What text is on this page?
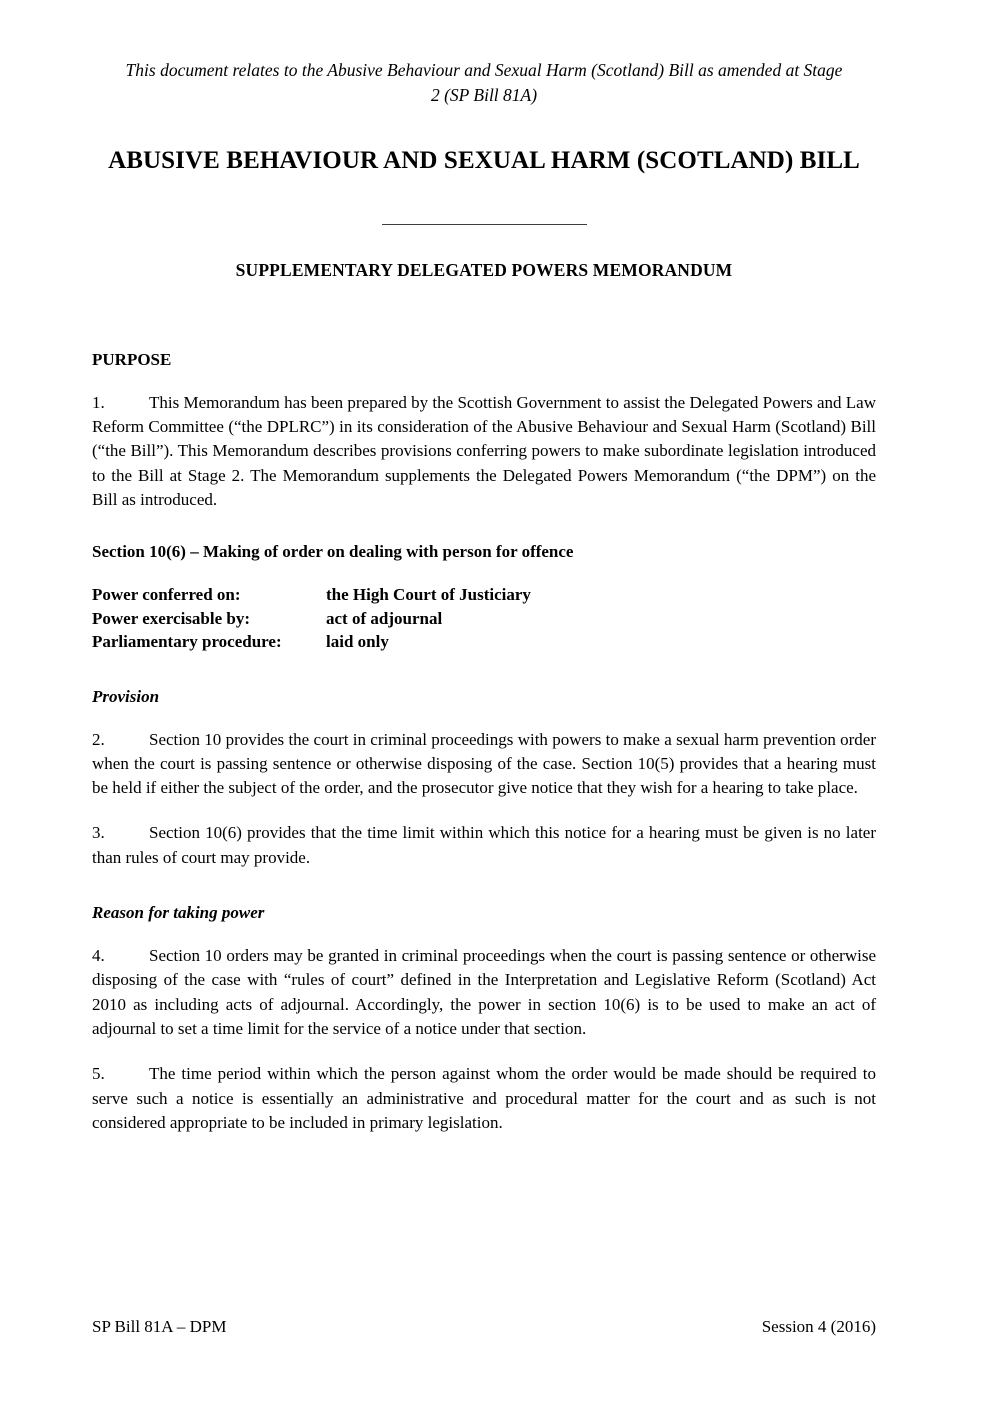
This document relates to the Abusive Behaviour and Sexual Harm (Scotland) Bill as amended at Stage 2 (SP Bill 81A)
ABUSIVE BEHAVIOUR AND SEXUAL HARM (SCOTLAND) BILL
SUPPLEMENTARY DELEGATED POWERS MEMORANDUM
PURPOSE

1.	This Memorandum has been prepared by the Scottish Government to assist the Delegated Powers and Law Reform Committee (“the DPLRC”) in its consideration of the Abusive Behaviour and Sexual Harm (Scotland) Bill (“the Bill”). This Memorandum describes provisions conferring powers to make subordinate legislation introduced to the Bill at Stage 2. The Memorandum supplements the Delegated Powers Memorandum (“the DPM”) on the Bill as introduced.

Section 10(6) – Making of order on dealing with person for offence
Power conferred on:	the High Court of Justiciary
Power exercisable by:	act of adjournal
Parliamentary procedure:	laid only
Provision

2.	Section 10 provides the court in criminal proceedings with powers to make a sexual harm prevention order when the court is passing sentence or otherwise disposing of the case. Section 10(5) provides that a hearing must be held if either the subject of the order, and the prosecutor give notice that they wish for a hearing to take place.

3.	Section 10(6) provides that the time limit within which this notice for a hearing must be given is no later than rules of court may provide.

Reason for taking power

4.	Section 10 orders may be granted in criminal proceedings when the court is passing sentence or otherwise disposing of the case with “rules of court” defined in the Interpretation and Legislative Reform (Scotland) Act 2010 as including acts of adjournal. Accordingly, the power in section 10(6) is to be used to make an act of adjournal to set a time limit for the service of a notice under that section.

5.	The time period within which the person against whom the order would be made should be required to serve such a notice is essentially an administrative and procedural matter for the court and as such is not considered appropriate to be included in primary legislation.

SP Bill 81A – DPM	Session 4 (2016)
